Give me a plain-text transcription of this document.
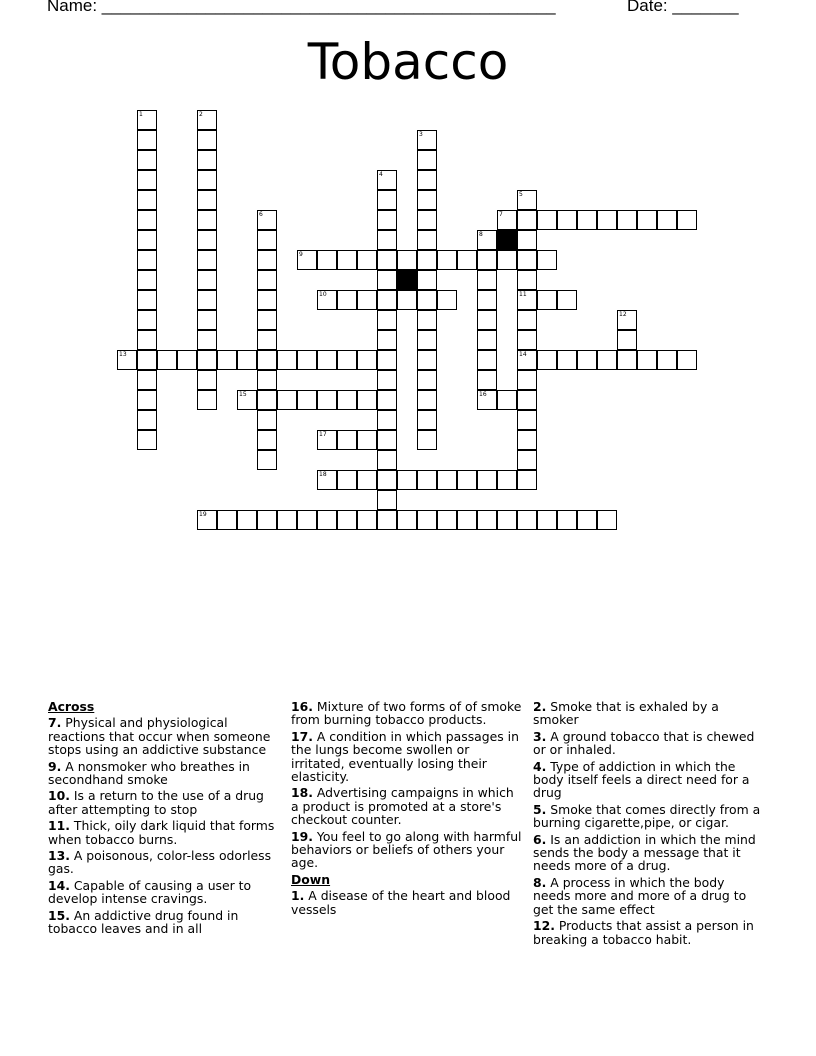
Name: ________________________________________________	Date: _______
Tobacco
1	2
3
4
5
11
14
6	7
8
16
9
10
12
13
15
17
18
19
Across
7. Physical and physiological reactions that occur when someone stops using an addictive substance
9. A nonsmoker who breathes in secondhand smoke
10. Is a return to the use of a drug after attempting to stop
11. Thick, oily dark liquid that forms when tobacco burns.
13. A poisonous, color-less odorless gas.
14. Capable of causing a user to develop intense cravings.
15. An addictive drug found in tobacco leaves and in all
16. Mixture of two forms of of smoke from burning tobacco products.
17. A condition in which passages in the lungs become swollen or irritated, eventually losing their elasticity.
18. Advertising campaigns in which a product is promoted at a store's checkout counter.
19. You feel to go along with harmful behaviors or beliefs of others your age.
Down
1. A disease of the heart and blood vessels
2. Smoke that is exhaled by a smoker
3. A ground tobacco that is chewed or or inhaled.
4. Type of addiction in which the body itself feels a direct need for a drug
5. Smoke that comes directly from a burning cigarette,pipe, or cigar.
6. Is an addiction in which the mind sends the body a message that it needs more of a drug.
8. A process in which the body needs more and more of a drug to get the same effect
12. Products that assist a person in breaking a tobacco habit.
